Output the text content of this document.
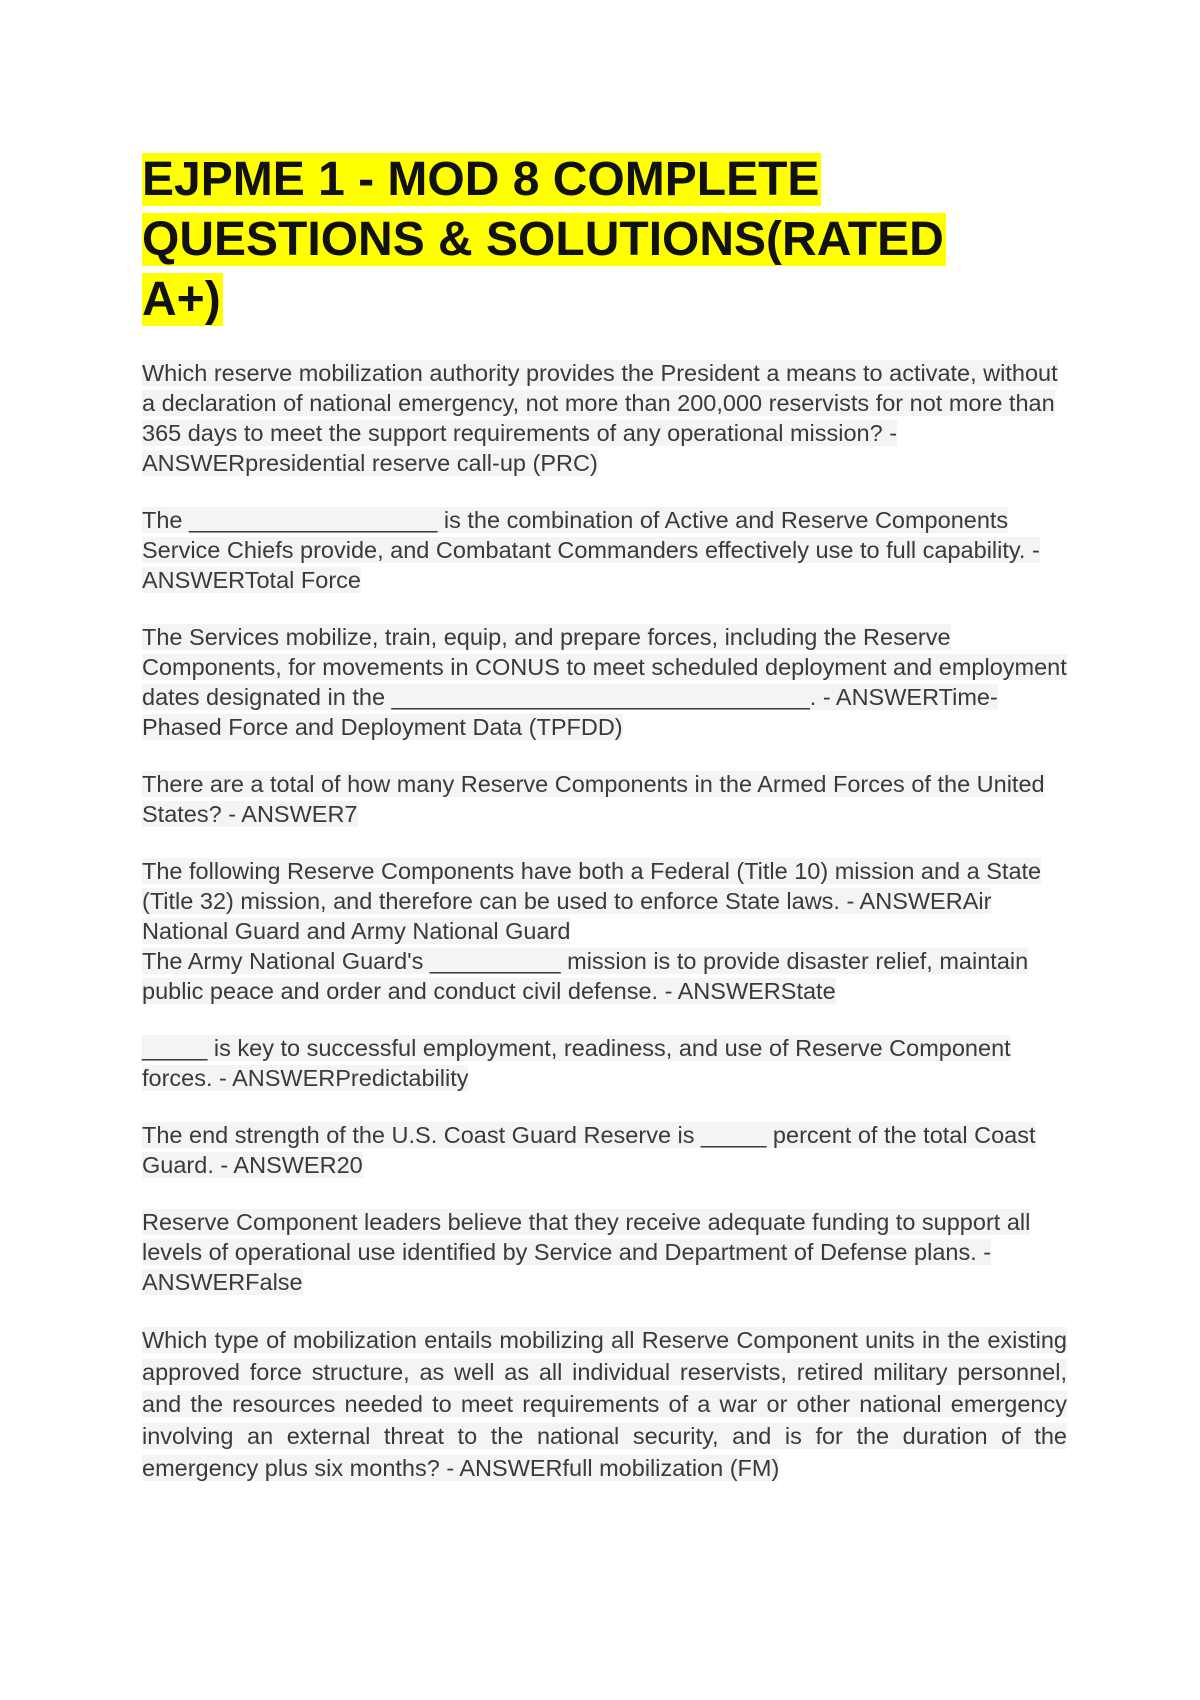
EJPME 1 - MOD 8 COMPLETE QUESTIONS & SOLUTIONS(RATED A+)

Which reserve mobilization authority provides the President a means to activate, without a declaration of national emergency, not more than 200,000 reservists for not more than 365 days to meet the support requirements of any operational mission? - ANSWERpresidential reserve call-up (PRC)

The ___________________ is the combination of Active and Reserve Components Service Chiefs provide, and Combatant Commanders effectively use to full capability. - ANSWERTotal Force

The Services mobilize, train, equip, and prepare forces, including the Reserve Components, for movements in CONUS to meet scheduled deployment and employment dates designated in the ________________________________. - ANSWERTime-Phased Force and Deployment Data (TPFDD)

There are a total of how many Reserve Components in the Armed Forces of the United States? - ANSWER7

The following Reserve Components have both a Federal (Title 10) mission and a State (Title 32) mission, and therefore can be used to enforce State laws. - ANSWERAir National Guard and Army National Guard

The Army National Guard's __________ mission is to provide disaster relief, maintain public peace and order and conduct civil defense. - ANSWERState

_____ is key to successful employment, readiness, and use of Reserve Component forces. - ANSWERPredictability

The end strength of the U.S. Coast Guard Reserve is _____ percent of the total Coast Guard. - ANSWER20

Reserve Component leaders believe that they receive adequate funding to support all levels of operational use identified by Service and Department of Defense plans. - ANSWERFalse

Which type of mobilization entails mobilizing all Reserve Component units in the existing approved force structure, as well as all individual reservists, retired military personnel, and the resources needed to meet requirements of a war or other national emergency involving an external threat to the national security, and is for the duration of the emergency plus six months? - ANSWERfull mobilization (FM)
